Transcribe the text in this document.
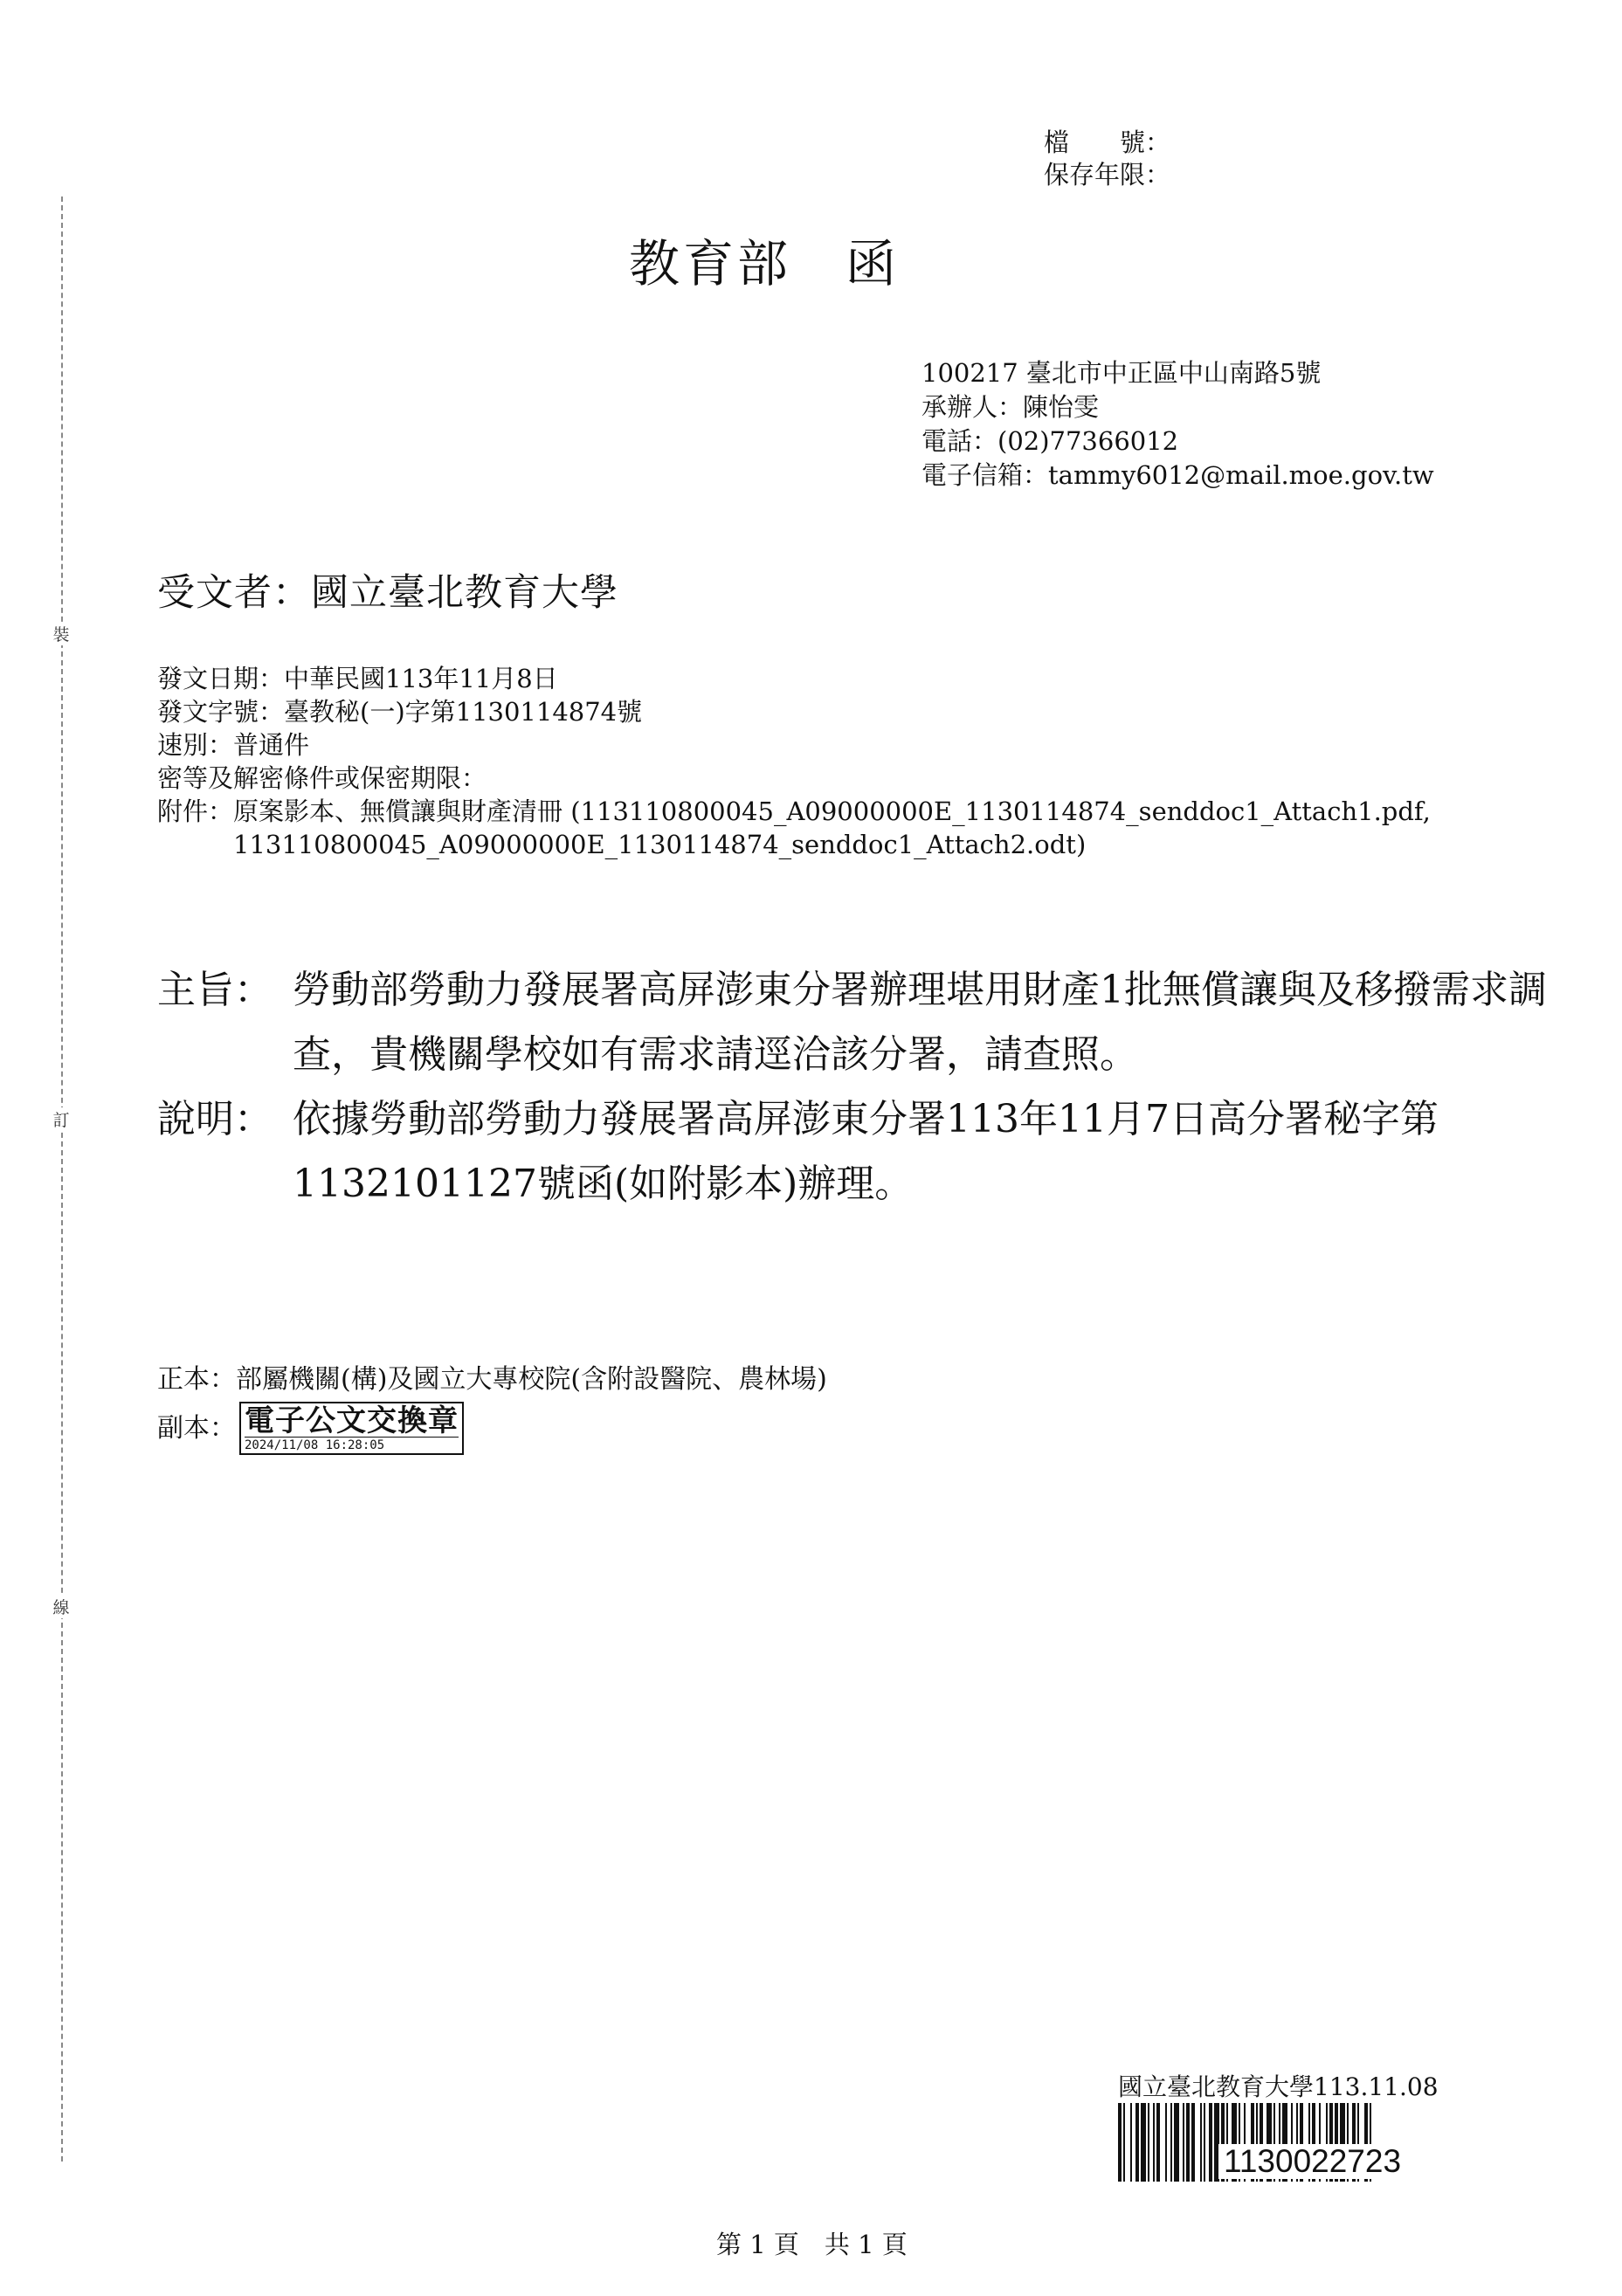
裝
訂
線
檔　　號：
保存年限：
教育部　函
100217 臺北市中正區中山南路5號
承辦人：陳怡雯
電話：(02)77366012
電子信箱：tammy6012@mail.moe.gov.tw
受文者：國立臺北教育大學
發文日期：中華民國113年11月8日
發文字號：臺教秘(一)字第1130114874號
速別：普通件
密等及解密條件或保密期限：
附件： 原案影本、無償讓與財產清冊 (113110800045_A09000000E_1130114874_senddoc1_Attach1.pdf, 113110800045_A09000000E_1130114874_senddoc1_Attach2.odt)
主旨： 勞動部勞動力發展署高屏澎東分署辦理堪用財產1批無償讓與及移撥需求調查，貴機關學校如有需求請逕洽該分署，請查照。
說明： 依據勞動部勞動力發展署高屏澎東分署113年11月7日高分署秘字第1132101127號函(如附影本)辦理。
正本： 部屬機關(構)及國立大專校院(含附設醫院、農林場)
副本： 電子公文交換章
2024/11/08 16:28:05
國立臺北教育大學113.11.08
1130022723
第 1 頁　共 1 頁
